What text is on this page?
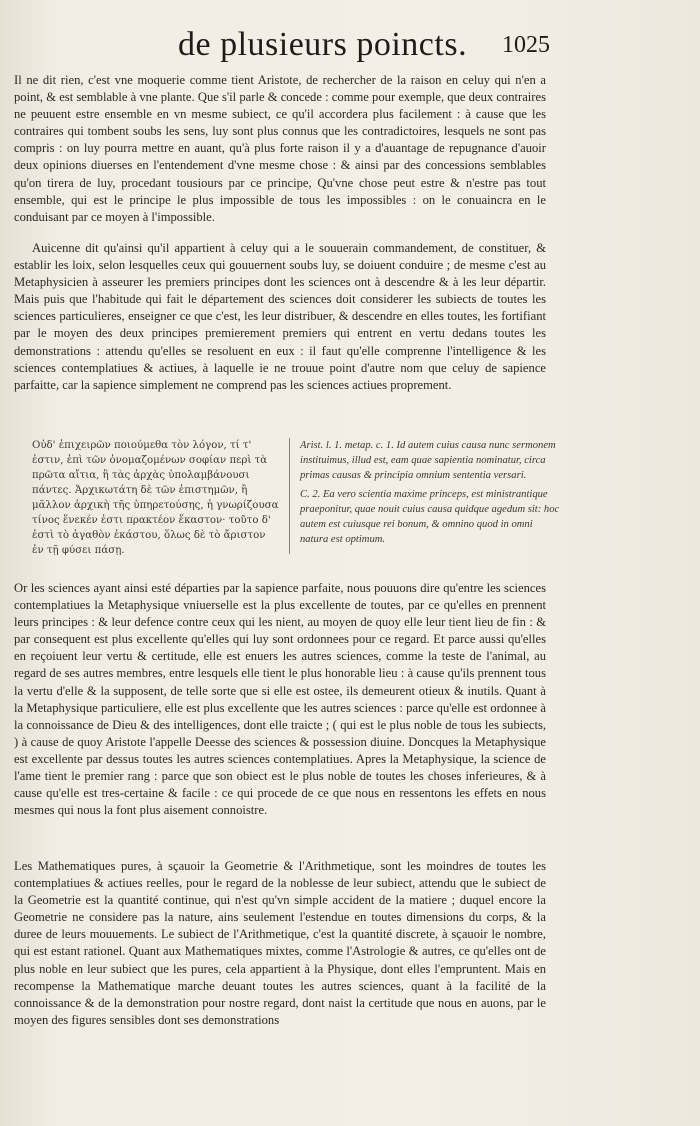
de plusieurs poincts. 1025

Il ne dit rien, c'est vne moquerie comme tient Aristote, de rechercher de la raison en celuy qui n'en a point, & est semblable à vne plante. Que s'il parle & concede : comme pour exemple, que deux contraires ne peuuent estre ensemble en vn mesme subiect, ce qu'il accordera plus facilement : à cause que les contraires qui tombent soubs les sens, luy sont plus connus que les contradictoires, lesquels ne sont pas compris : on luy pourra mettre en auant, qu'à plus forte raison il y a d'auantage de repugnance d'auoir deux opinions diuerses en l'entendement d'vne mesme chose : & ainsi par des concessions semblables qu'on tirera de luy, procedant tousiours par ce principe, Qu'vne chose peut estre & n'estre pas tout ensemble, qui est le principe le plus impossible de tous les impossibles : on le conuaincra en le conduisant par ce moyen à l'impossible.

Auicenne dit qu'ainsi qu'il appartient à celuy qui a le souuerain commandement, de constituer, & establir les loix, selon lesquelles ceux qui gouuernent soubs luy, se doiuent conduire ; de mesme c'est au Metaphysicien à asseurer les premiers principes dont les sciences ont à descendre & à les leur départir. Mais puis que l'habitude qui fait le département des sciences doit considerer les subiects de toutes les sciences particulieres, enseigner ce que c'est, les leur distribuer, & descendre en elles toutes, les fortifiant par le moyen des deux principes premierement premiers qui entrent en vertu dedans toutes les demonstrations : attendu qu'elles se resoluent en eux : il faut qu'elle comprenne l'intelligence & les sciences contemplatiues & actiues, à laquelle ie ne trouue point d'autre nom que celuy de sapience parfaitte, car la sapience simplement ne comprend pas les sciences actiues proprement.

Οὐδ' ἐπιχειρῶν ποιούμεθα τὸν λόγον, τί τ' ἐστιν, ἐπὶ τῶν ὀνομαζομένων σοφίαν περὶ τὰ πρῶτα αἴτια, ἢ τὰς ἀρχὰς ὑπολαμβάνουσι πάντες. Ἀρχικωτάτη δὲ τῶν ἐπιστημῶν, ἢ μᾶλλον ἀρχικὴ τῆς ὑπηρετούσης, ἡ γνωρίζουσα τίνος ἕνεκέν ἐστι πρακτέον ἕκαστον· τοῦτο δ' ἐστὶ τὸ ἀγαθὸν ἑκάστου, ὅλως δὲ τὸ ἄριστον ἐν τῇ φύσει πάσῃ.

Arist. l. 1. metap. c. 1. Id autem cuius causa nunc sermonem instituimus, illud est, eam quae sapientia nominatur, circa primas causas & principia omnium sententia versari.

C. 2. Ea vero scientia maxime princeps, est ministrantique praeponitur, quae nouit cuius causa quidque agedum sit: hoc autem est cuiusque rei bonum, & omnino quod in omni natura est optimum.

Or les sciences ayant ainsi esté départies par la sapience parfaite, nous pouuons dire qu'entre les sciences contemplatiues la Metaphysique vniuerselle est la plus excellente de toutes, par ce qu'elles en prennent leurs principes : & leur defence contre ceux qui les nient, au moyen de quoy elle leur tient lieu de fin : & par consequent est plus excellente qu'elles qui luy sont ordonnees pour ce regard. Et parce aussi qu'elles en reçoiuent leur vertu & certitude, elle est enuers les autres sciences, comme la teste de l'animal, au regard de ses autres membres, entre lesquels elle tient le plus honorable lieu : à cause qu'ils prennent tous la vertu d'elle & la supposent, de telle sorte que si elle est ostee, ils demeurent otieux & inutils. Quant à la Metaphysique particuliere, elle est plus excellente que les autres sciences : parce qu'elle est ordonnee à la connoissance de Dieu & des intelligences, dont elle traicte ; ( qui est le plus noble de tous les subiects, ) à cause de quoy Aristote l'appelle Deesse des sciences & possession diuine. Doncques la Metaphysique est excellente par dessus toutes les autres sciences contemplatiues. Apres la Metaphysique, la science de l'ame tient le premier rang : parce que son obiect est le plus noble de toutes les choses inferieures, & à cause qu'elle est tres-certaine & facile : ce qui procede de ce que nous en ressentons les effets en nous mesmes qui nous la font plus aisement connoistre.

Les Mathematiques pures, à sçauoir la Geometrie & l'Arithmetique, sont les moindres de toutes les contemplatiues & actiues reelles, pour le regard de la noblesse de leur subiect, attendu que le subiect de la Geometrie est la quantité continue, qui n'est qu'vn simple accident de la matiere ; duquel encore la Geometrie ne considere pas la nature, ains seulement l'estendue en toutes dimensions du corps, & la duree de leurs mouuements. Le subiect de l'Arithmetique, c'est la quantité discrete, à sçauoir le nombre, qui est estant rationel. Quant aux Mathematiques mixtes, comme l'Astrologie & autres, ce qu'elles ont de plus noble en leur subiect que les pures, cela appartient à la Physique, dont elles l'empruntent. Mais en recompense la Mathematique marche deuant toutes les autres sciences, quant à la facilité de la connoissance & de la demonstration pour nostre regard, dont naist la certitude que nous en auons, par le moyen des figures sensibles dont ses demonstrations
